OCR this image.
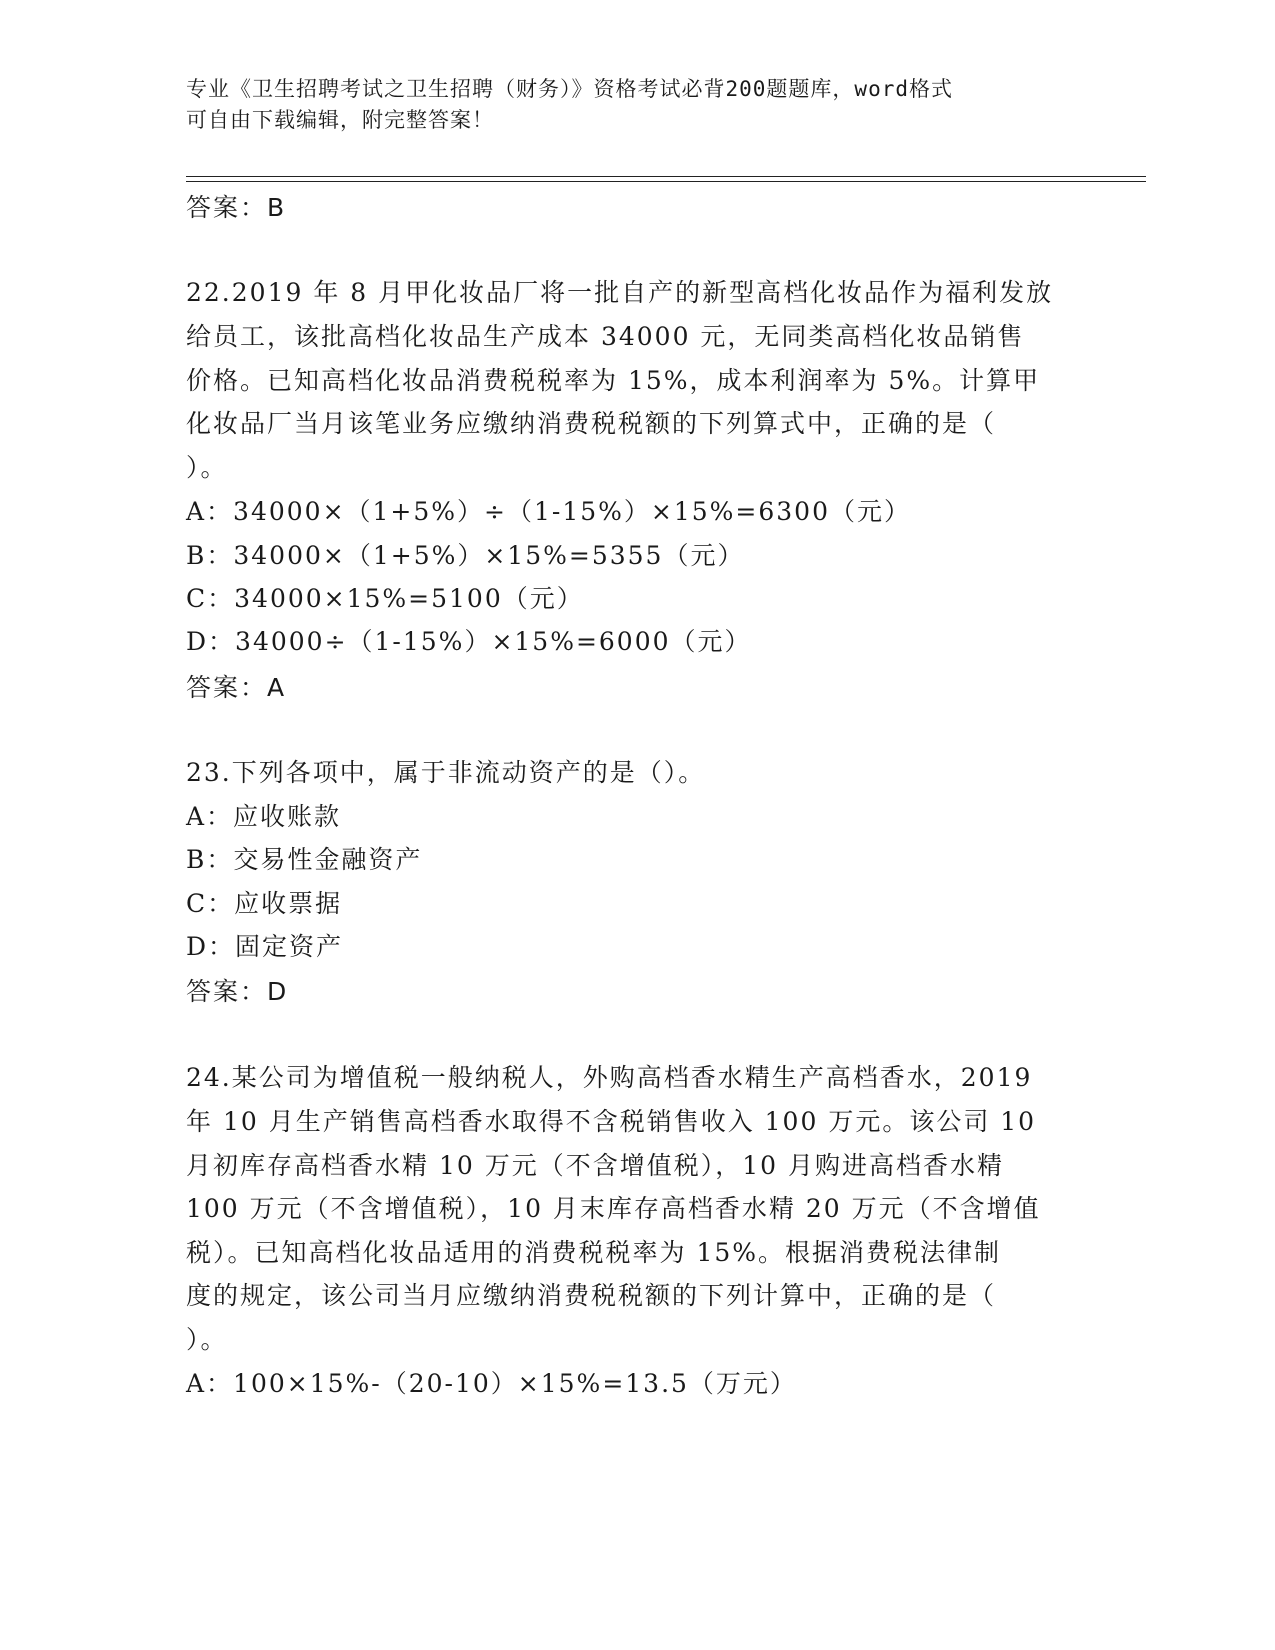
专业《卫生招聘考试之卫生招聘（财务）》资格考试必背200题题库，word格式

可自由下载编辑，附完整答案！

答案：B
22.2019 年 8 月甲化妆品厂将一批自产的新型高档化妆品作为福利发放
给员工，该批高档化妆品生产成本 34000 元，无同类高档化妆品销售
价格。已知高档化妆品消费税税率为 15%，成本利润率为 5%。计算甲
化妆品厂当月该笔业务应缴纳消费税税额的下列算式中，正确的是（
）。
A：34000×（1+5%）÷（1-15%）×15%=6300（元）
B：34000×（1+5%）×15%=5355（元）
C：34000×15%=5100（元）
D：34000÷（1-15%）×15%=6000（元）
答案：A
23.下列各项中，属于非流动资产的是（）。
A：应收账款
B：交易性金融资产
C：应收票据
D：固定资产
答案：D
24.某公司为增值税一般纳税人，外购高档香水精生产高档香水，2019
年 10 月生产销售高档香水取得不含税销售收入 100 万元。该公司 10
月初库存高档香水精 10 万元（不含增值税），10 月购进高档香水精
100 万元（不含增值税），10 月末库存高档香水精 20 万元（不含增值
税）。已知高档化妆品适用的消费税税率为 15%。根据消费税法律制
度的规定，该公司当月应缴纳消费税税额的下列计算中，正确的是（
）。
A：100×15%-（20-10）×15%=13.5（万元）
